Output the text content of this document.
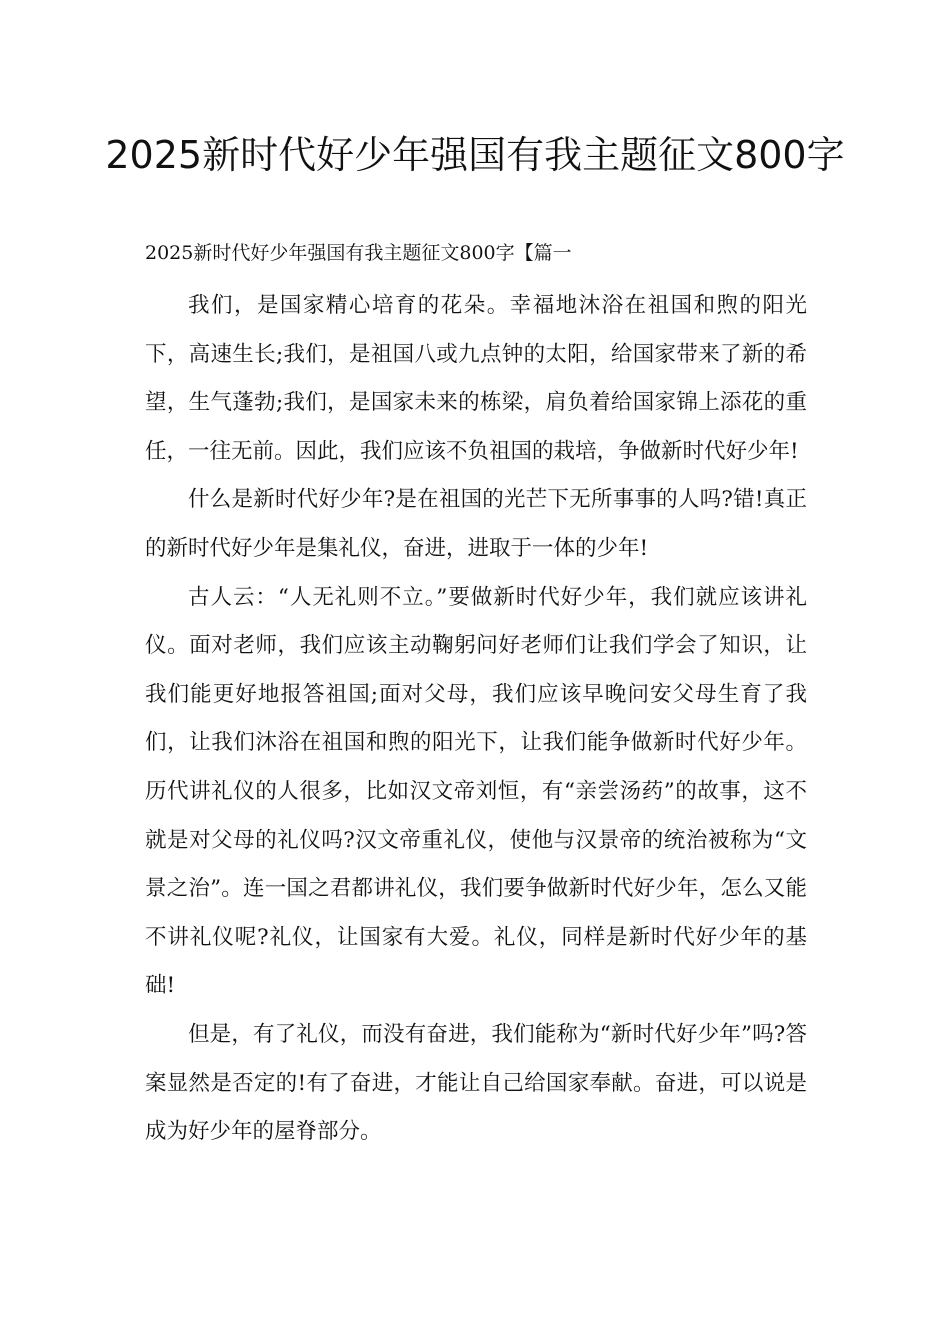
2025新时代好少年强国有我主题征文800字
2025新时代好少年强国有我主题征文800字【篇一

我们，是国家精心培育的花朵。幸福地沐浴在祖国和煦的阳光下，高速生长;我们，是祖国八或九点钟的太阳，给国家带来了新的希望，生气蓬勃;我们，是国家未来的栋梁，肩负着给国家锦上添花的重任，一往无前。因此，我们应该不负祖国的栽培，争做新时代好少年!

什么是新时代好少年?是在祖国的光芒下无所事事的人吗?错!真正的新时代好少年是集礼仪，奋进，进取于一体的少年!

古人云：“人无礼则不立。”要做新时代好少年，我们就应该讲礼仪。面对老师，我们应该主动鞠躬问好老师们让我们学会了知识，让我们能更好地报答祖国;面对父母，我们应该早晚问安父母生育了我们，让我们沐浴在祖国和煦的阳光下，让我们能争做新时代好少年。历代讲礼仪的人很多，比如汉文帝刘恒，有“亲尝汤药”的故事，这不就是对父母的礼仪吗?汉文帝重礼仪，使他与汉景帝的统治被称为“文景之治”。连一国之君都讲礼仪，我们要争做新时代好少年，怎么又能不讲礼仪呢?礼仪，让国家有大爱。礼仪，同样是新时代好少年的基础!

但是，有了礼仪，而没有奋进，我们能称为“新时代好少年”吗?答案显然是否定的!有了奋进，才能让自己给国家奉献。奋进，可以说是成为好少年的屋脊部分。
